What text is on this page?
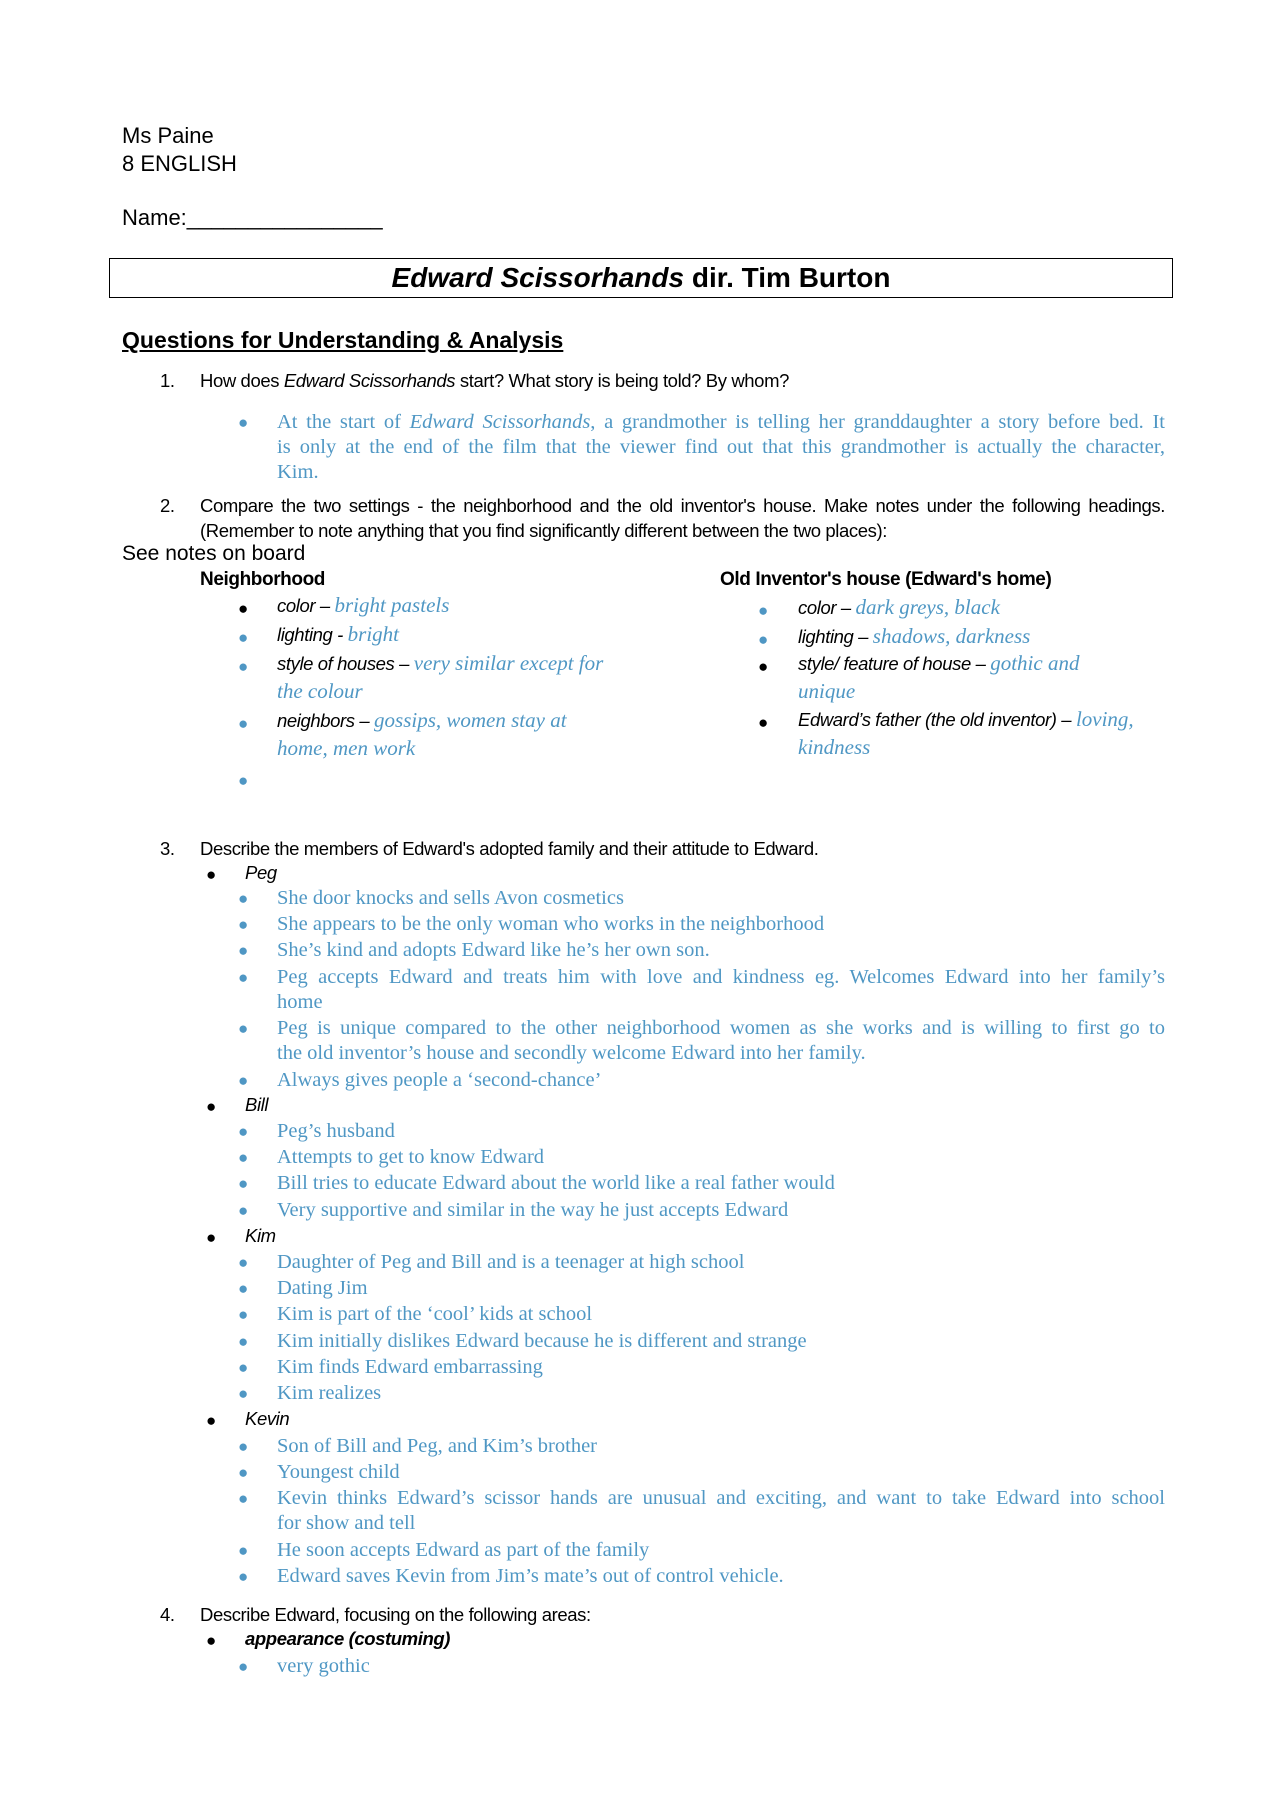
Ms Paine
8 ENGLISH
Name:________________
Edward Scissorhands dir. Tim Burton
Questions for Understanding & Analysis
1. How does Edward Scissorhands start? What story is being told? By whom?
● At the start of Edward Scissorhands, a grandmother is telling her granddaughter a story before bed. It
is only at the end of the film that the viewer find out that this grandmother is actually the character,
Kim.
2. Compare the two settings - the neighborhood and the old inventor's house. Make notes under the following headings.
(Remember to note anything that you find significantly different between the two places):
See notes on board
Neighborhood
● color – bright pastels
● lighting - bright
● style of houses – very similar except for
the colour
● neighbors – gossips, women stay at
home, men work
●
Old Inventor's house (Edward's home)
● color – dark greys, black
● lighting – shadows, darkness
● style/ feature of house – gothic and
unique
● Edward’s father (the old inventor) – loving,
kindness
3. Describe the members of Edward's adopted family and their attitude to Edward.
● Peg
● She door knocks and sells Avon cosmetics
● She appears to be the only woman who works in the neighborhood
● She’s kind and adopts Edward like he’s her own son.
● Peg accepts Edward and treats him with love and kindness eg. Welcomes Edward into her family’s
home
● Peg is unique compared to the other neighborhood women as she works and is willing to first go to
the old inventor’s house and secondly welcome Edward into her family.
● Always gives people a ‘second-chance’
● Bill
● Peg’s husband
● Attempts to get to know Edward
● Bill tries to educate Edward about the world like a real father would
● Very supportive and similar in the way he just accepts Edward
● Kim
● Daughter of Peg and Bill and is a teenager at high school
● Dating Jim
● Kim is part of the ‘cool’ kids at school
● Kim initially dislikes Edward because he is different and strange
● Kim finds Edward embarrassing
● Kim realizes
● Kevin
● Son of Bill and Peg, and Kim’s brother
● Youngest child
● Kevin thinks Edward’s scissor hands are unusual and exciting, and want to take Edward into school
for show and tell
● He soon accepts Edward as part of the family
● Edward saves Kevin from Jim’s mate’s out of control vehicle.
4. Describe Edward, focusing on the following areas:
● appearance (costuming)
● very gothic
